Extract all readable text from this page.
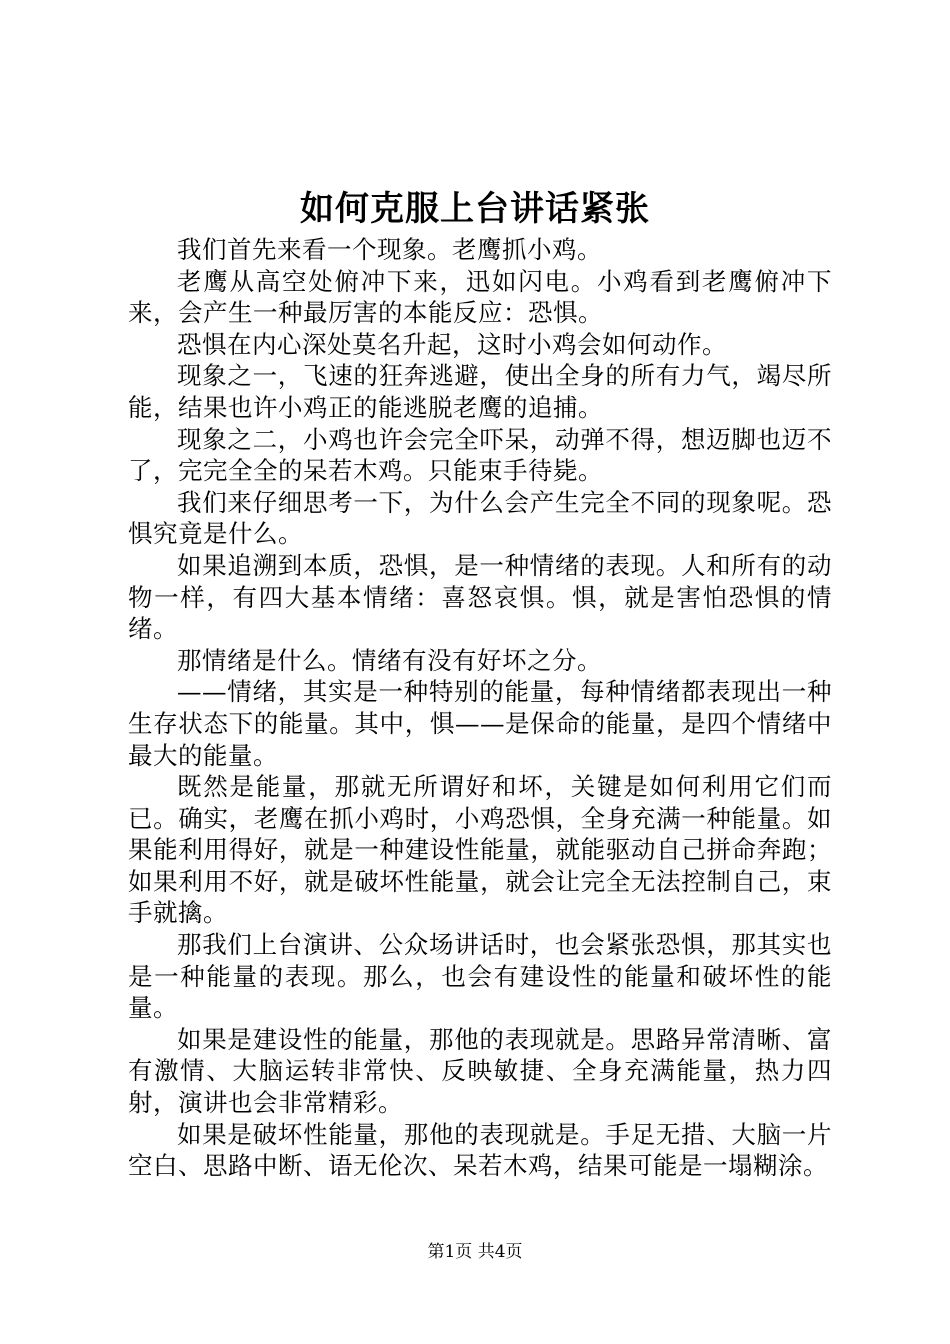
如何克服上台讲话紧张

我们首先来看一个现象。老鹰抓小鸡。

老鹰从高空处俯冲下来，迅如闪电。小鸡看到老鹰俯冲下来，会产生一种最厉害的本能反应：恐惧。

恐惧在内心深处莫名升起，这时小鸡会如何动作。

现象之一，飞速的狂奔逃避，使出全身的所有力气，竭尽所能，结果也许小鸡正的能逃脱老鹰的追捕。

现象之二，小鸡也许会完全吓呆，动弹不得，想迈脚也迈不了，完完全全的呆若木鸡。只能束手待毙。

我们来仔细思考一下，为什么会产生完全不同的现象呢。恐惧究竟是什么。

如果追溯到本质，恐惧，是一种情绪的表现。人和所有的动物一样，有四大基本情绪：喜怒哀惧。惧，就是害怕恐惧的情绪。

那情绪是什么。情绪有没有好坏之分。

——情绪，其实是一种特别的能量，每种情绪都表现出一种生存状态下的能量。其中，惧——是保命的能量，是四个情绪中最大的能量。

既然是能量，那就无所谓好和坏，关键是如何利用它们而已。确实，老鹰在抓小鸡时，小鸡恐惧，全身充满一种能量。如果能利用得好，就是一种建设性能量，就能驱动自己拼命奔跑；如果利用不好，就是破坏性能量，就会让完全无法控制自己，束手就擒。

那我们上台演讲、公众场讲话时，也会紧张恐惧，那其实也是一种能量的表现。那么，也会有建设性的能量和破坏性的能量。

如果是建设性的能量，那他的表现就是。思路异常清晰、富有激情、大脑运转非常快、反映敏捷、全身充满能量，热力四射，演讲也会非常精彩。

如果是破坏性能量，那他的表现就是。手足无措、大脑一片空白、思路中断、语无伦次、呆若木鸡，结果可能是一塌糊涂。

第1页 共4页
